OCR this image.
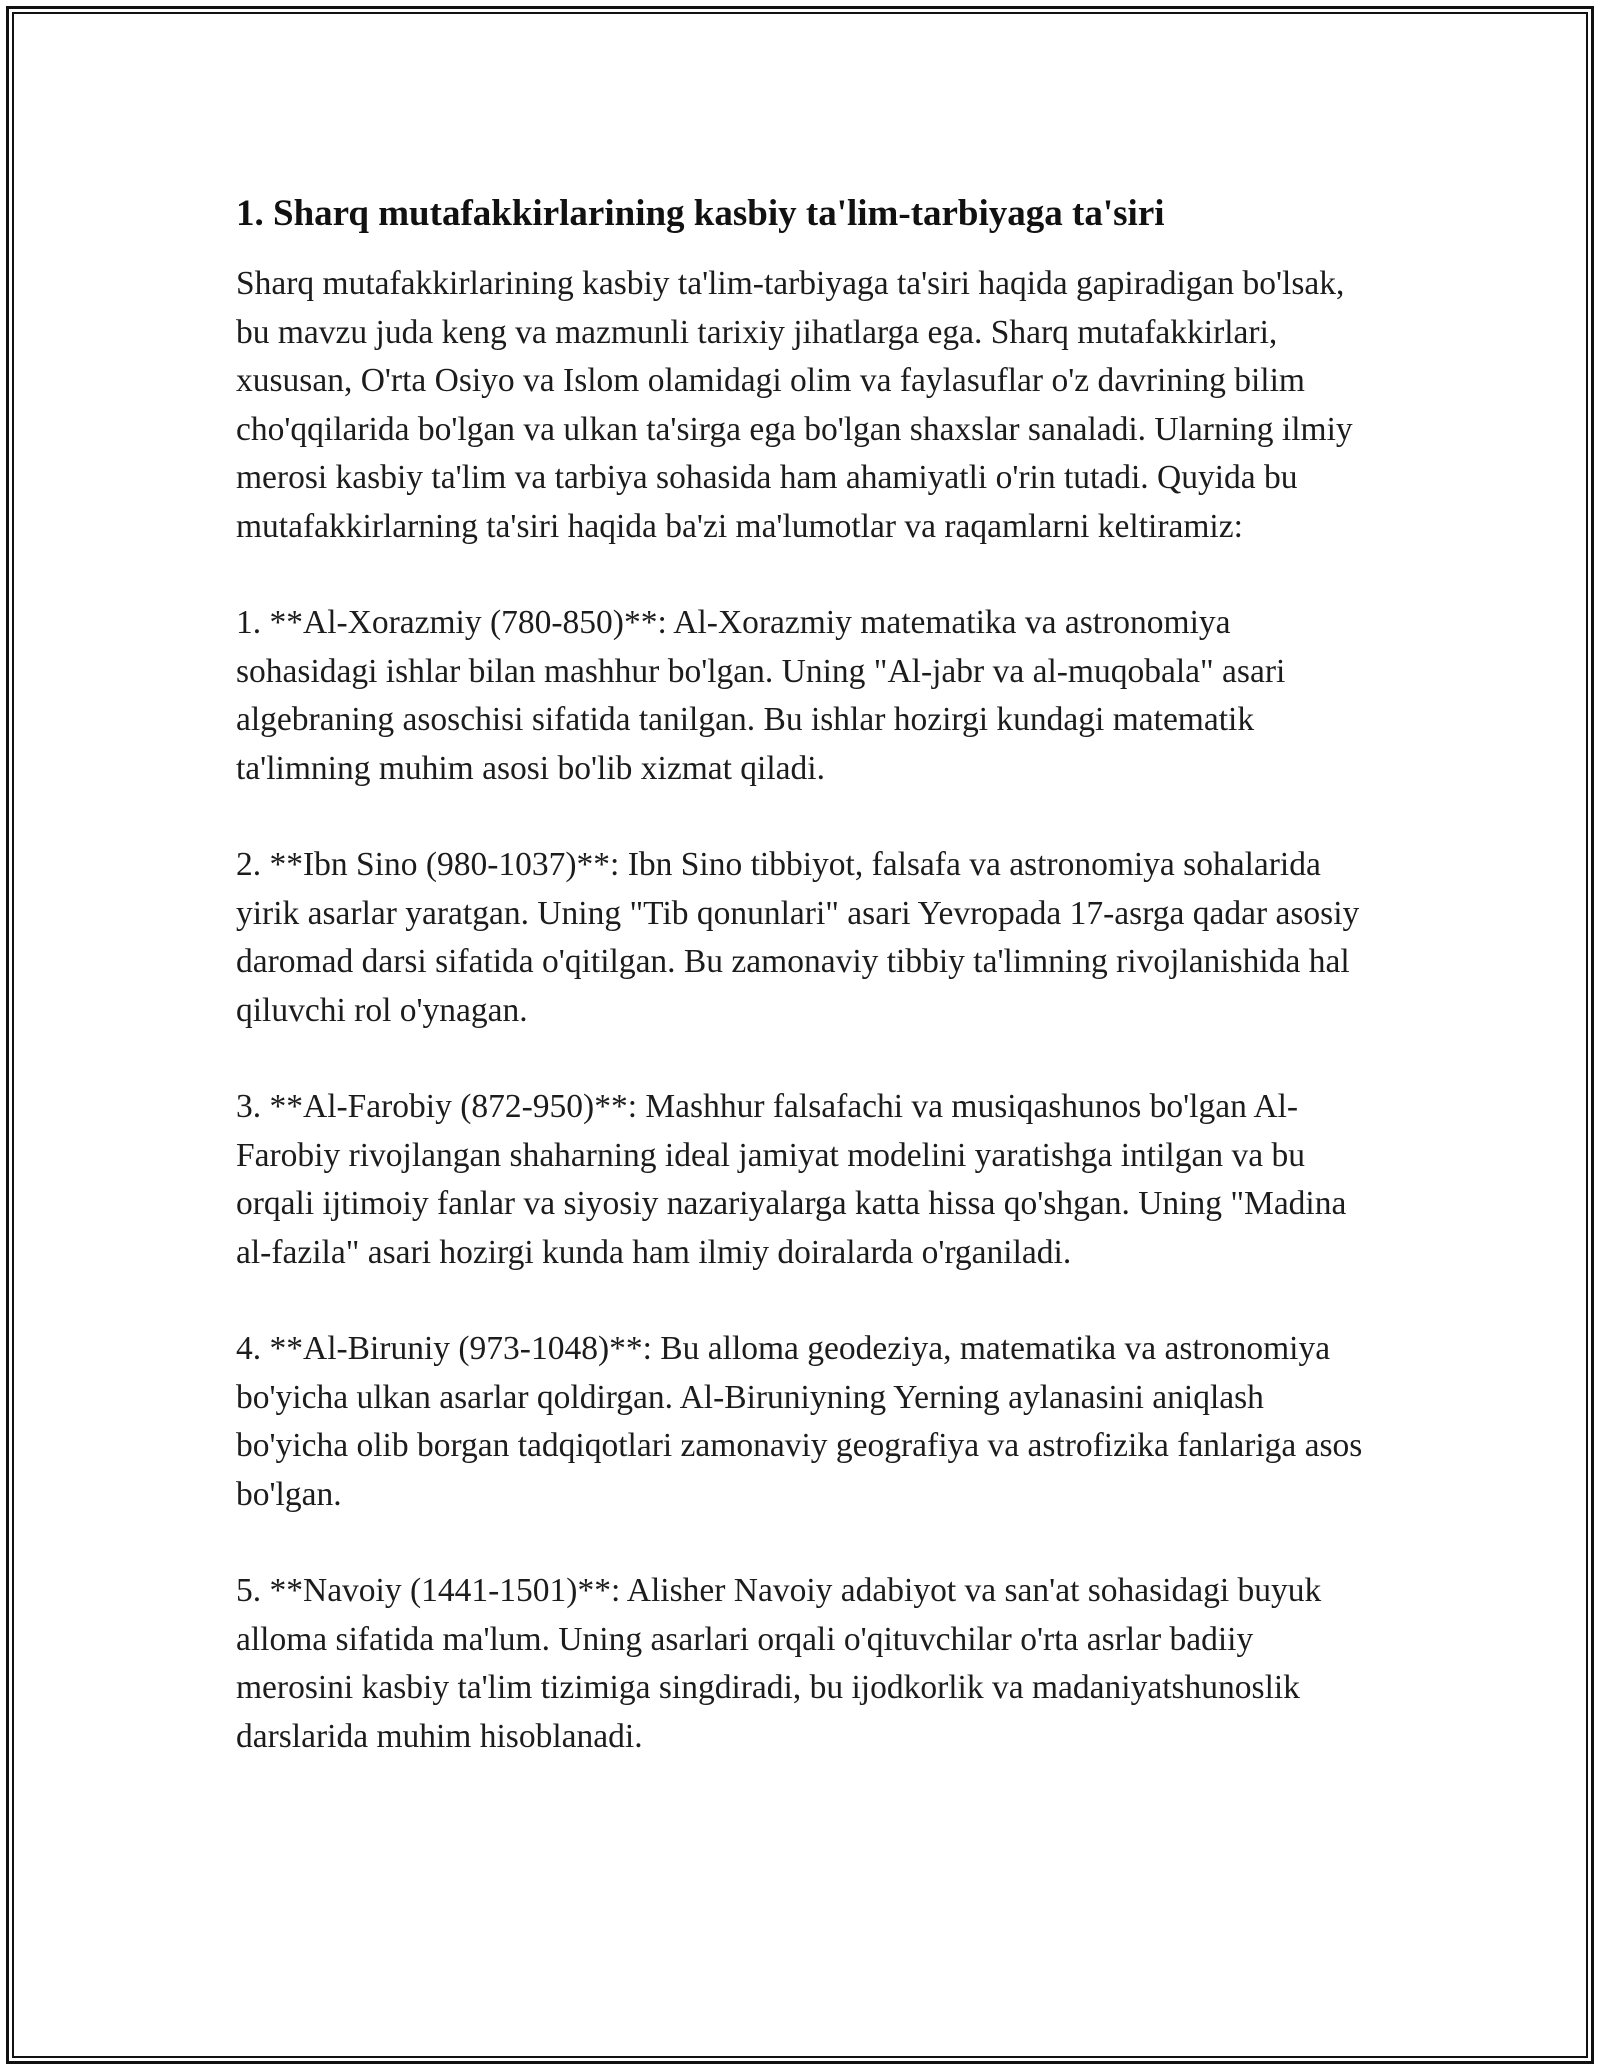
1. Sharq mutafakkirlarining kasbiy ta'lim-tarbiyaga ta'siri

Sharq mutafakkirlarining kasbiy ta'lim-tarbiyaga ta'siri haqida gapiradigan bo'lsak, bu mavzu juda keng va mazmunli tarixiy jihatlarga ega. Sharq mutafakkirlari, xususan, O'rta Osiyo va Islom olamidagi olim va faylasuflar o'z davrining bilim cho'qqilarida bo'lgan va ulkan ta'sirga ega bo'lgan shaxslar sanaladi. Ularning ilmiy merosi kasbiy ta'lim va tarbiya sohasida ham ahamiyatli o'rin tutadi. Quyida bu mutafakkirlarning ta'siri haqida ba'zi ma'lumotlar va raqamlarni keltiramiz:

1. **Al-Xorazmiy (780-850)**: Al-Xorazmiy matematika va astronomiya sohasidagi ishlar bilan mashhur bo'lgan. Uning "Al-jabr va al-muqobala" asari algebraning asoschisi sifatida tanilgan. Bu ishlar hozirgi kundagi matematik ta'limning muhim asosi bo'lib xizmat qiladi.

2. **Ibn Sino (980-1037)**: Ibn Sino tibbiyot, falsafa va astronomiya sohalarida yirik asarlar yaratgan. Uning "Tib qonunlari" asari Yevropada 17-asrga qadar asosiy daromad darsi sifatida o'qitilgan. Bu zamonaviy tibbiy ta'limning rivojlanishida hal qiluvchi rol o'ynagan.

3. **Al-Farobiy (872-950)**: Mashhur falsafachi va musiqashunos bo'lgan Al-Farobiy rivojlangan shaharning ideal jamiyat modelini yaratishga intilgan va bu orqali ijtimoiy fanlar va siyosiy nazariyalarga katta hissa qo'shgan. Uning "Madina al-fazila" asari hozirgi kunda ham ilmiy doiralarda o'rganiladi.

4. **Al-Biruniy (973-1048)**: Bu alloma geodeziya, matematika va astronomiya bo'yicha ulkan asarlar qoldirgan. Al-Biruniyning Yerning aylanasini aniqlash bo'yicha olib borgan tadqiqotlari zamonaviy geografiya va astrofizika fanlariga asos bo'lgan.

5. **Navoiy (1441-1501)**: Alisher Navoiy adabiyot va san'at sohasidagi buyuk alloma sifatida ma'lum. Uning asarlari orqali o'qituvchilar o'rta asrlar badiiy merosini kasbiy ta'lim tizimiga singdiradi, bu ijodkorlik va madaniyatshunoslik darslarida muhim hisoblanadi.
